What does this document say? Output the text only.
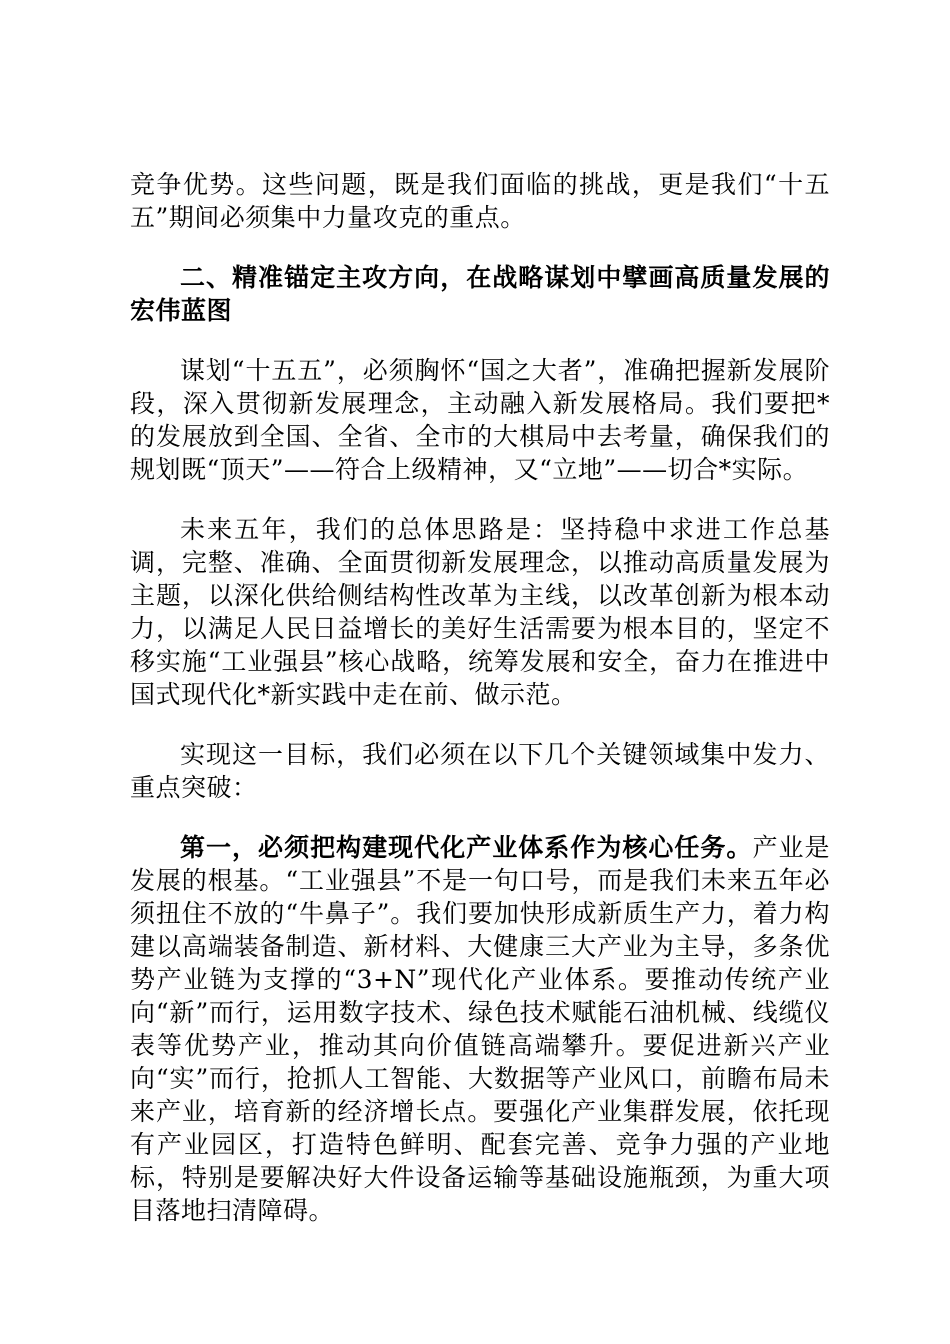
竞争优势。这些问题，既是我们面临的挑战，更是我们“十五五”期间必须集中力量攻克的重点。

二、精准锚定主攻方向，在战略谋划中擘画高质量发展的宏伟蓝图

谋划“十五五”，必须胸怀“国之大者”，准确把握新发展阶段，深入贯彻新发展理念，主动融入新发展格局。我们要把*的发展放到全国、全省、全市的大棋局中去考量，确保我们的规划既“顶天”——符合上级精神，又“立地”——切合*实际。

未来五年，我们的总体思路是：坚持稳中求进工作总基调，完整、准确、全面贯彻新发展理念，以推动高质量发展为主题，以深化供给侧结构性改革为主线，以改革创新为根本动力，以满足人民日益增长的美好生活需要为根本目的，坚定不移实施“工业强县”核心战略，统筹发展和安全，奋力在推进中国式现代化*新实践中走在前、做示范。

实现这一目标，我们必须在以下几个关键领域集中发力、重点突破：

第一，必须把构建现代化产业体系作为核心任务。产业是发展的根基。“工业强县”不是一句口号，而是我们未来五年必须扭住不放的“牛鼻子”。我们要加快形成新质生产力，着力构建以高端装备制造、新材料、大健康三大产业为主导，多条优势产业链为支撑的“3+N”现代化产业体系。要推动传统产业向“新”而行，运用数字技术、绿色技术赋能石油机械、线缆仪表等优势产业，推动其向价值链高端攀升。要促进新兴产业向“实”而行，抢抓人工智能、大数据等产业风口，前瞻布局未来产业，培育新的经济增长点。要强化产业集群发展，依托现有产业园区，打造特色鲜明、配套完善、竞争力强的产业地标，特别是要解决好大件设备运输等基础设施瓶颈，为重大项目落地扫清障碍。
